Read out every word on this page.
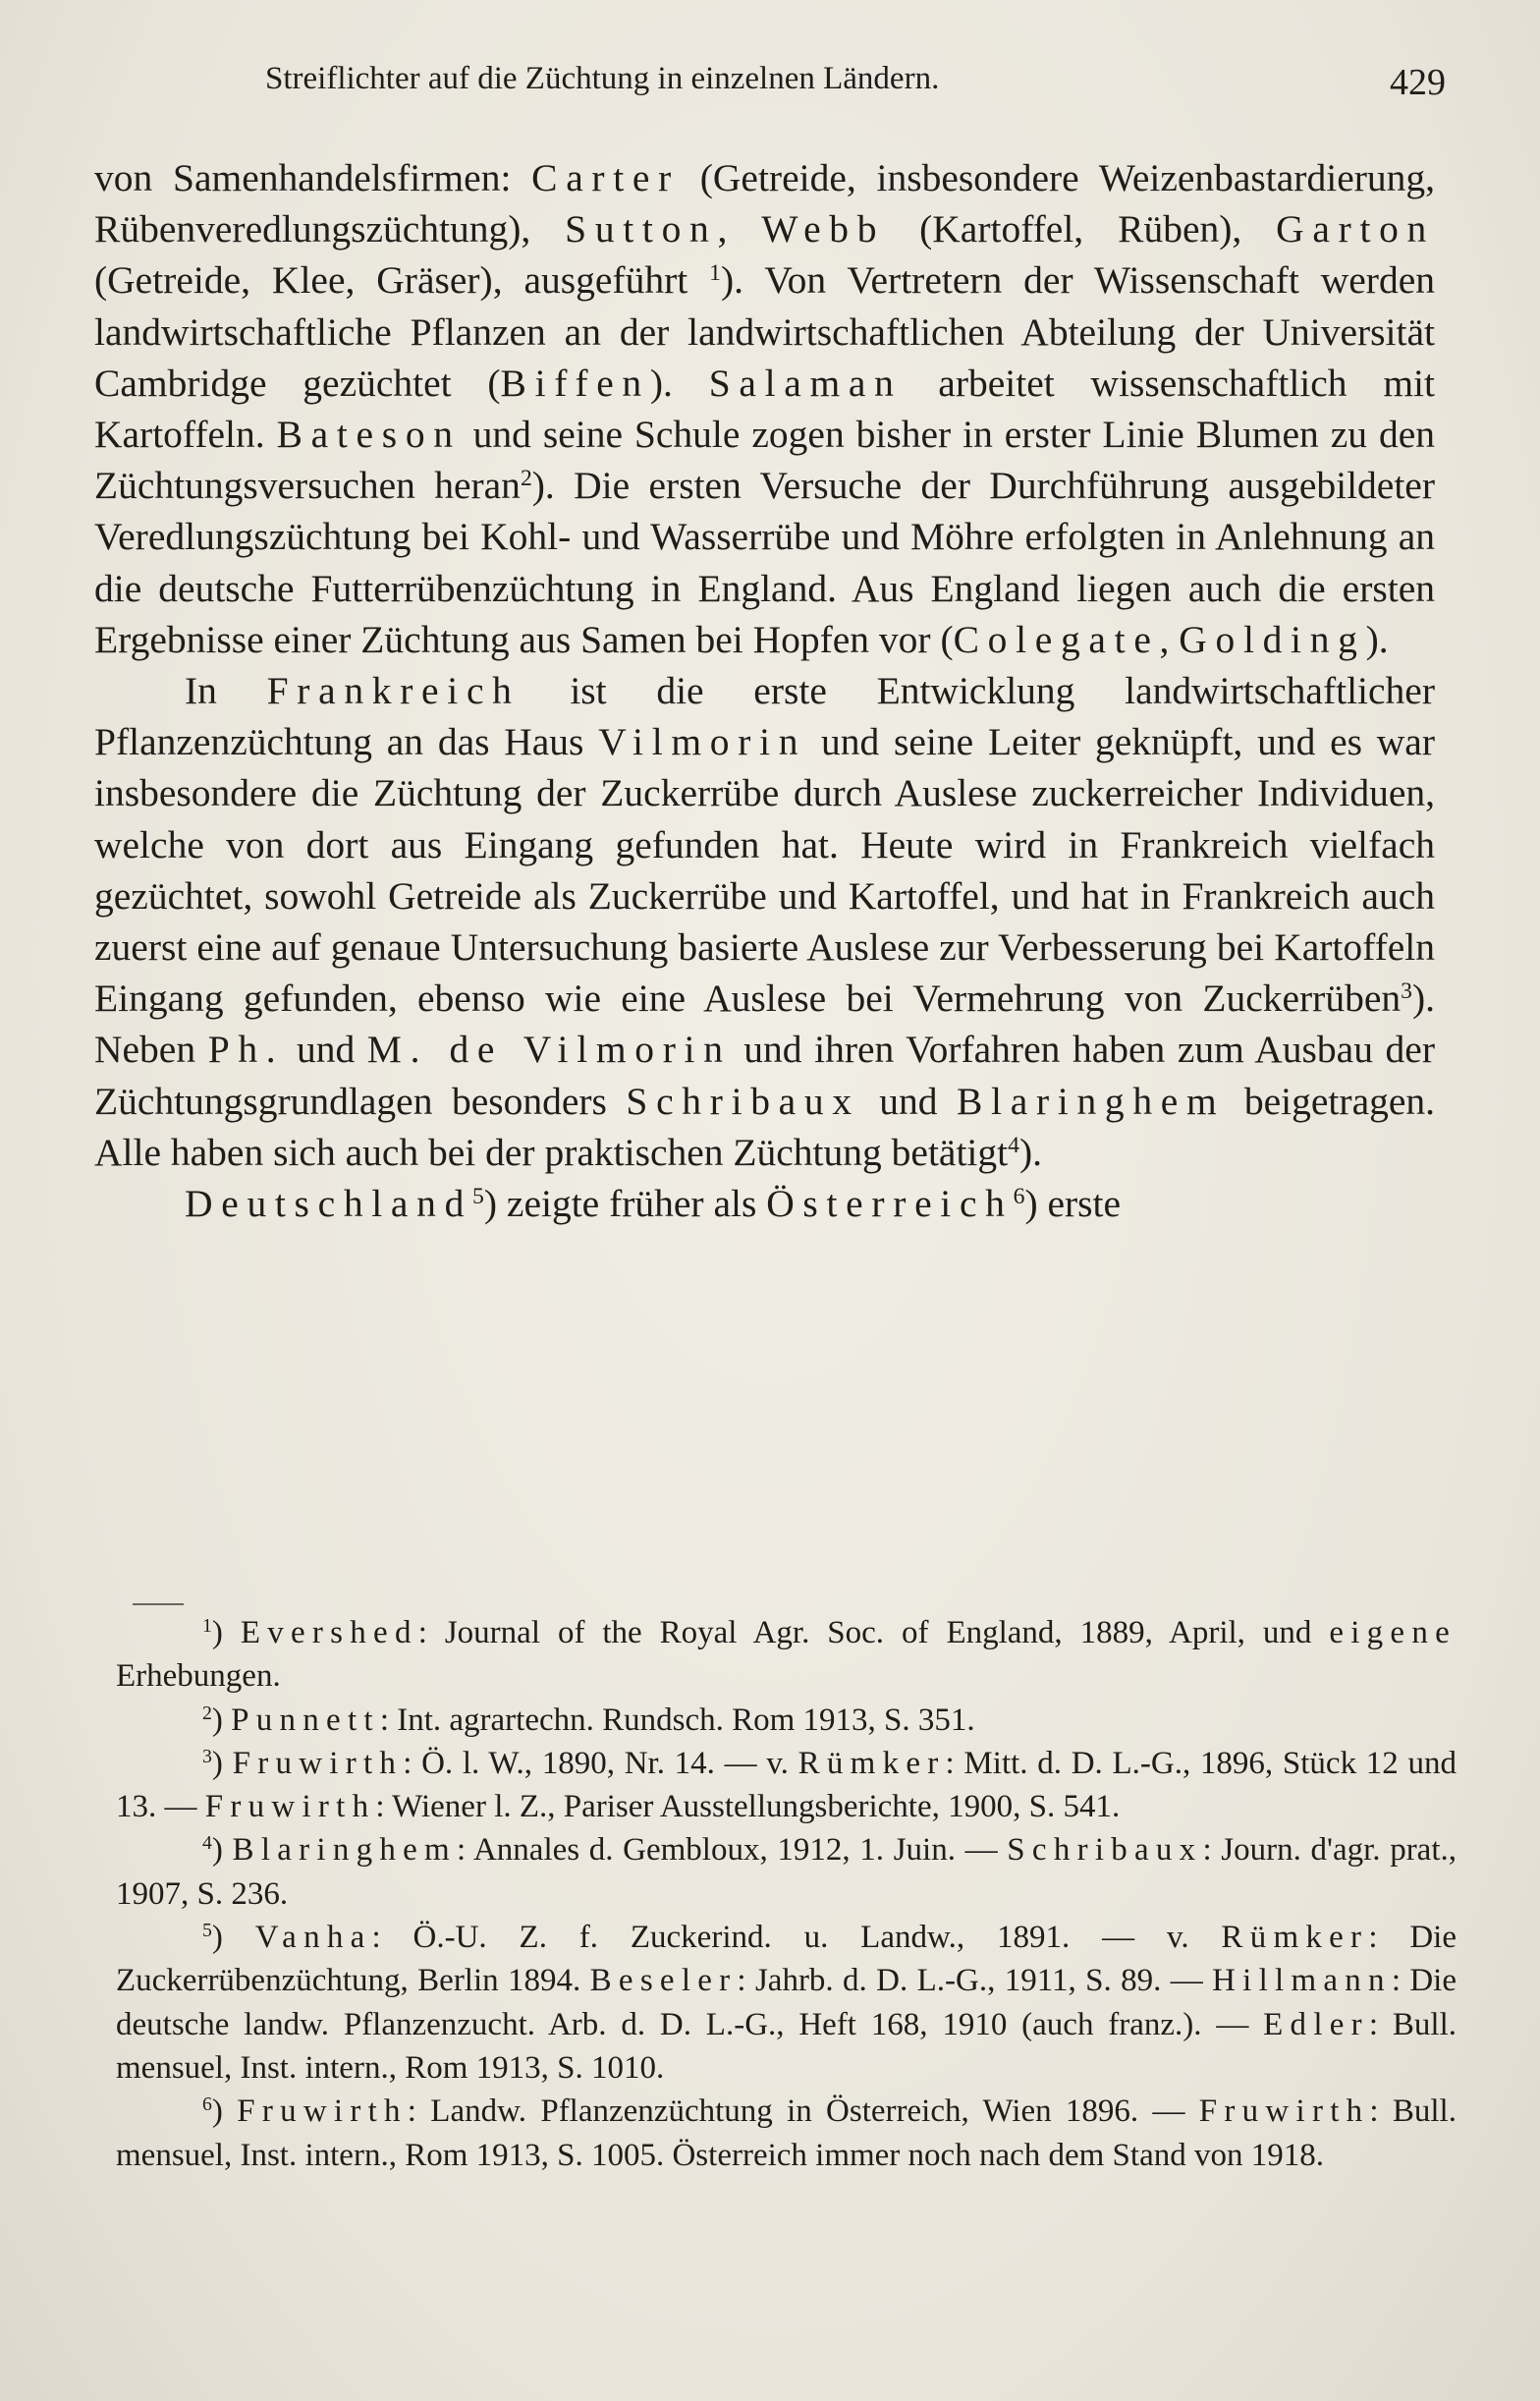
Streiflichter auf die Züchtung in einzelnen Ländern.	429

von Samenhandelsfirmen: Carter (Getreide, insbesondere Weizenbastardierung, Rübenveredlungszüchtung), Sutton, Webb (Kartoffel, Rüben), Garton (Getreide, Klee, Gräser), ausgeführt $^1$). Von Vertretern der Wissenschaft werden landwirtschaftliche Pflanzen an der landwirtschaftlichen Abteilung der Universität Cambridge gezüchtet (Biffen). Salaman arbeitet wissenschaftlich mit Kartoffeln. Bateson und seine Schule zogen bisher in erster Linie Blumen zu den Züchtungsversuchen heran$^2$). Die ersten Versuche der Durchführung ausgebildeter Veredlungszüchtung bei Kohl- und Wasserrübe und Möhre erfolgten in Anlehnung an die deutsche Futterrübenzüchtung in England. Aus England liegen auch die ersten Ergebnisse einer Züchtung aus Samen bei Hopfen vor (Colegate, Golding).

In Frankreich ist die erste Entwicklung landwirtschaftlicher Pflanzenzüchtung an das Haus Vilmorin und seine Leiter geknüpft, und es war insbesondere die Züchtung der Zuckerrübe durch Auslese zuckerreicher Individuen, welche von dort aus Eingang gefunden hat. Heute wird in Frankreich vielfach gezüchtet, sowohl Getreide als Zuckerrübe und Kartoffel, und hat in Frankreich auch zuerst eine auf genaue Untersuchung basierte Auslese zur Verbesserung bei Kartoffeln Eingang gefunden, ebenso wie eine Auslese bei Vermehrung von Zuckerrüben$^3$). Neben Ph. und M. de Vilmorin und ihren Vorfahren haben zum Ausbau der Züchtungsgrundlagen besonders Schribaux und Blaringhem beigetragen. Alle haben sich auch bei der praktischen Züchtung betätigt$^4$).

Deutschland$^5$) zeigte früher als Österreich$^6$) erste

$^1$) Evershed: Journal of the Royal Agr. Soc. of England, 1889, April, und eigene Erhebungen.

$^2$) Punnett: Int. agrartechn. Rundsch. Rom 1913, S. 351.

$^3$) Fruwirth: Ö. l. W., 1890, Nr. 14. — v. Rümker: Mitt. d. D. L.-G., 1896, Stück 12 und 13. — Fruwirth: Wiener l. Z., Pariser Ausstellungsberichte, 1900, S. 541.

$^4$) Blaringhem: Annales d. Gembloux, 1912, 1. Juin. — Schribaux: Journ. d'agr. prat., 1907, S. 236.

$^5$) Vanha: Ö.-U. Z. f. Zuckerind. u. Landw., 1891. — v. Rümker: Die Zuckerrübenzüchtung, Berlin 1894. Beseler: Jahrb. d. D. L.-G., 1911, S. 89. — Hillmann: Die deutsche landw. Pflanzenzucht. Arb. d. D. L.-G., Heft 168, 1910 (auch franz.). — Edler: Bull. mensuel, Inst. intern., Rom 1913, S. 1010.

$^6$) Fruwirth: Landw. Pflanzenzüchtung in Österreich, Wien 1896. — Fruwirth: Bull. mensuel, Inst. intern., Rom 1913, S. 1005. Österreich immer noch nach dem Stand von 1918.
